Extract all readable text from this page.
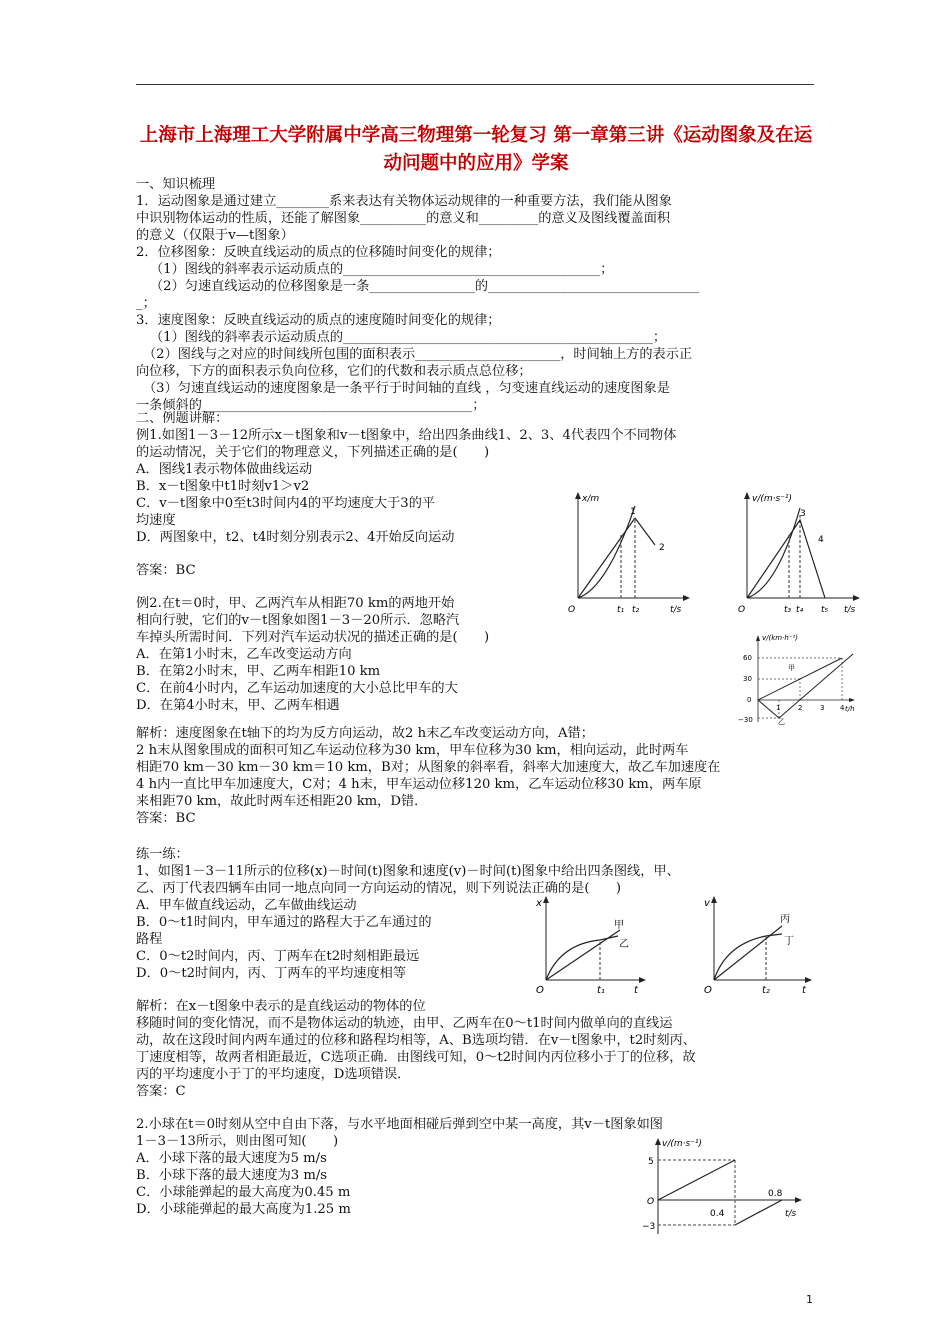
上海市上海理工大学附属中学高三物理第一轮复习 第一章第三讲《运动图象及在运动问题中的应用》学案
一、知识梳理
1．运动图象是通过建立________系来表达有关物体运动规律的一种重要方法，我们能从图象
中识别物体运动的性质，还能了解图象__________的意义和_________的意义及图线覆盖面积
的意义（仅限于v—t图象）
2．位移图象：反映直线运动的质点的位移随时间变化的规律；
（1）图线的斜率表示运动质点的_______________________________________；
（2）匀速直线运动的位移图象是一条________________的________________________________
_；
3．速度图象：反映直线运动的质点的速度随时间变化的规律；
（1）图线的斜率表示运动质点的_______________________________________________；
（2）图线与之对应的时间线所包围的面积表示______________________，时间轴上方的表示正
向位移，下方的面积表示负向位移，它们的代数和表示质点总位移；
（3）匀速直线运动的速度图象是一条平行于时间轴的直线 ，匀变速直线运动的速度图象是
一条倾斜的_________________________________________；
二、例题讲解：
例1.如图1－3－12所示x－t图象和v－t图象中，给出四条曲线1、2、3、4代表四个不同物体
的运动情况，关于它们的物理意义，下列描述正确的是(　　)
A．图线1表示物体做曲线运动
B．x－t图象中t1时刻v1＞v2
C．v－t图象中0至t3时间内4的平均速度大于3的平
均速度
D．两图象中，t2、t4时刻分别表示2、4开始反向运动
答案：BC
例2.在t＝0时，甲、乙两汽车从相距70 km的两地开始
相向行驶，它们的v－t图象如图1－3－20所示．忽略汽
车掉头所需时间．下列对汽车运动状况的描述正确的是(　　)
A．在第1小时末，乙车改变运动方向
B．在第2小时末，甲、乙两车相距10 km
C．在前4小时内，乙车运动加速度的大小总比甲车的大
D．在第4小时末，甲、乙两车相遇
解析：速度图象在t轴下的均为反方向运动，故2 h末乙车改变运动方向，A错；
2 h末从图象围成的面积可知乙车运动位移为30 km，甲车位移为30 km，相向运动，此时两车
相距70 km－30 km－30 km＝10 km，B对；从图象的斜率看，斜率大加速度大，故乙车加速度在
4 h内一直比甲车加速度大，C对；4 h末，甲车运动位移120 km，乙车运动位移30 km，两车原
来相距70 km，故此时两车还相距20 km，D错．
答案：BC
练一练：
1、如图1－3－11所示的位移(x)－时间(t)图象和速度(v)－时间(t)图象中给出四条图线，甲、
乙、丙丁代表四辆车由同一地点向同一方向运动的情况，则下列说法正确的是(　　)
A．甲车做直线运动，乙车做曲线运动
B．0～t1时间内，甲车通过的路程大于乙车通过的
路程
C．0～t2时间内，丙、丁两车在t2时刻相距最远
D．0～t2时间内，丙、丁两车的平均速度相等
解析：在x－t图象中表示的是直线运动的物体的位
移随时间的变化情况，而不是物体运动的轨迹，由甲、乙两车在0～t1时间内做单向的直线运
动，故在这段时间内两车通过的位移和路程均相等，A、B选项均错．在v－t图象中，t2时刻丙、
丁速度相等，故两者相距最近，C选项正确．由图线可知，0～t2时间内丙位移小于丁的位移，故
丙的平均速度小于丁的平均速度，D选项错误．
答案：C
2.小球在t＝0时刻从空中自由下落，与水平地面相碰后弹到空中某一高度，其v－t图象如图
1－3－13所示，则由图可知(　　)
A．小球下落的最大速度为5 m/s
B．小球下落的最大速度为3 m/s
C．小球能弹起的最大高度为0.45 m
D．小球能弹起的最大高度为1.25 m
x/m
O	t/s
1
2
t₁ t₂
v/(m·s⁻¹)
O	t/s
3
4
t₃ t₄ t₅
v/(km·h⁻¹)
t/h
60
30
0
−30
1	2	3 4
甲
乙
x
O	t
甲
乙
t₁
v
O	t
丙
丁
t₂
v/(m·s⁻¹)
t/s
5
O
−3
0.4
0.8
1
